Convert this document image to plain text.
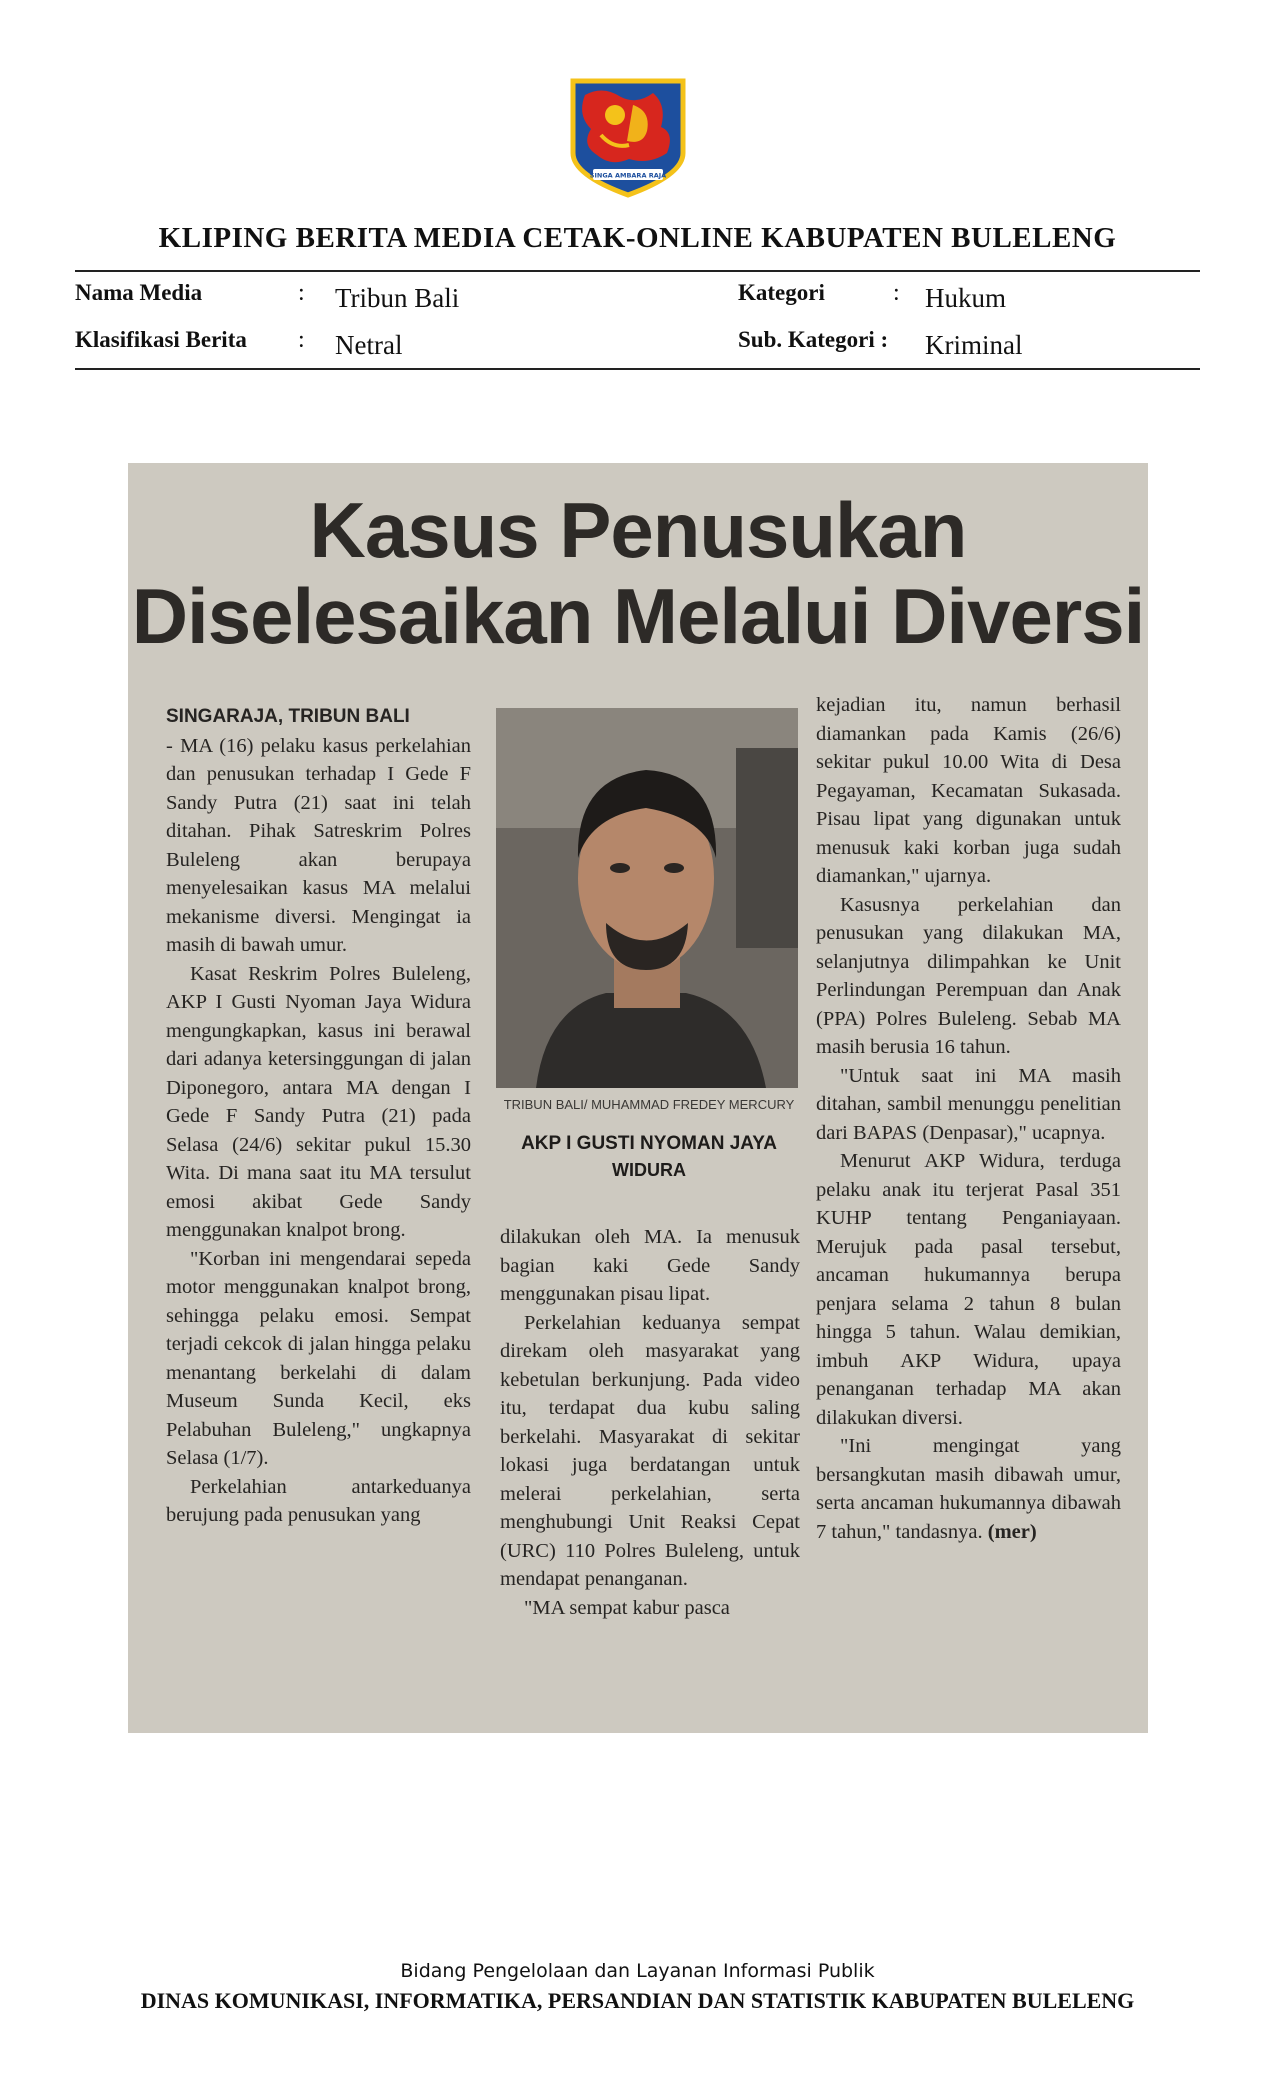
SINGA AMBARA RAJA
KLIPING BERITA MEDIA CETAK-ONLINE KABUPATEN BULELENG
Nama Media	: Tribun Bali
Klasifikasi Berita : Netral
Kategori	: Hukum
Sub. Kategori : Kriminal
Kasus Penusukan
Diselesaikan Melalui Diversi
SINGARAJA, TRIBUN BALI

- MA (16) pelaku kasus perkelahian dan penusukan terhadap I Gede F Sandy Putra (21) saat ini telah ditahan. Pihak Satreskrim Polres Buleleng akan berupaya menyelesaikan kasus MA melalui mekanisme diversi. Mengingat ia masih di bawah umur.

Kasat Reskrim Polres Buleleng, AKP I Gusti Nyoman Jaya Widura mengungkapkan, kasus ini berawal dari adanya ketersinggungan di jalan Diponegoro, antara MA dengan I Gede F Sandy Putra (21) pada Selasa (24/6) sekitar pukul 15.30 Wita. Di mana saat itu MA tersulut emosi akibat Gede Sandy menggunakan knalpot brong.

"Korban ini mengendarai sepeda motor menggunakan knalpot brong, sehingga pelaku emosi. Sempat terjadi cekcok di jalan hingga pelaku menantang berkelahi di dalam Museum Sunda Kecil, eks Pelabuhan Buleleng," ungkapnya Selasa (1/7).

Perkelahian antarkeduanya berujung pada penusukan yang

TRIBUN BALI/ MUHAMMAD FREDEY MERCURY
AKP I GUSTI NYOMAN JAYA
WIDURA

dilakukan oleh MA. Ia menusuk bagian kaki Gede Sandy menggunakan pisau lipat.

Perkelahian keduanya sempat direkam oleh masyarakat yang kebetulan berkunjung. Pada video itu, terdapat dua kubu saling berkelahi. Masyarakat di sekitar lokasi juga berdatangan untuk melerai perkelahian, serta menghubungi Unit Reaksi Cepat (URC) 110 Polres Buleleng, untuk mendapat penanganan.

"MA sempat kabur pasca

kejadian itu, namun berhasil diamankan pada Kamis (26/6) sekitar pukul 10.00 Wita di Desa Pegayaman, Kecamatan Sukasada. Pisau lipat yang digunakan untuk menusuk kaki korban juga sudah diamankan," ujarnya.

Kasusnya perkelahian dan penusukan yang dilakukan MA, selanjutnya dilimpahkan ke Unit Perlindungan Perempuan dan Anak (PPA) Polres Buleleng. Sebab MA masih berusia 16 tahun.

"Untuk saat ini MA masih ditahan, sambil menunggu penelitian dari BAPAS (Denpasar)," ucapnya.

Menurut AKP Widura, terduga pelaku anak itu terjerat Pasal 351 KUHP tentang Penganiayaan. Merujuk pada pasal tersebut, ancaman hukumannya berupa penjara selama 2 tahun 8 bulan hingga 5 tahun. Walau demikian, imbuh AKP Widura, upaya penanganan terhadap MA akan dilakukan diversi.

"Ini mengingat yang bersangkutan masih dibawah umur, serta ancaman hukumannya dibawah 7 tahun," tandasnya. (mer)

Bidang Pengelolaan dan Layanan Informasi Publik
DINAS KOMUNIKASI, INFORMATIKA, PERSANDIAN DAN STATISTIK KABUPATEN BULELENG
